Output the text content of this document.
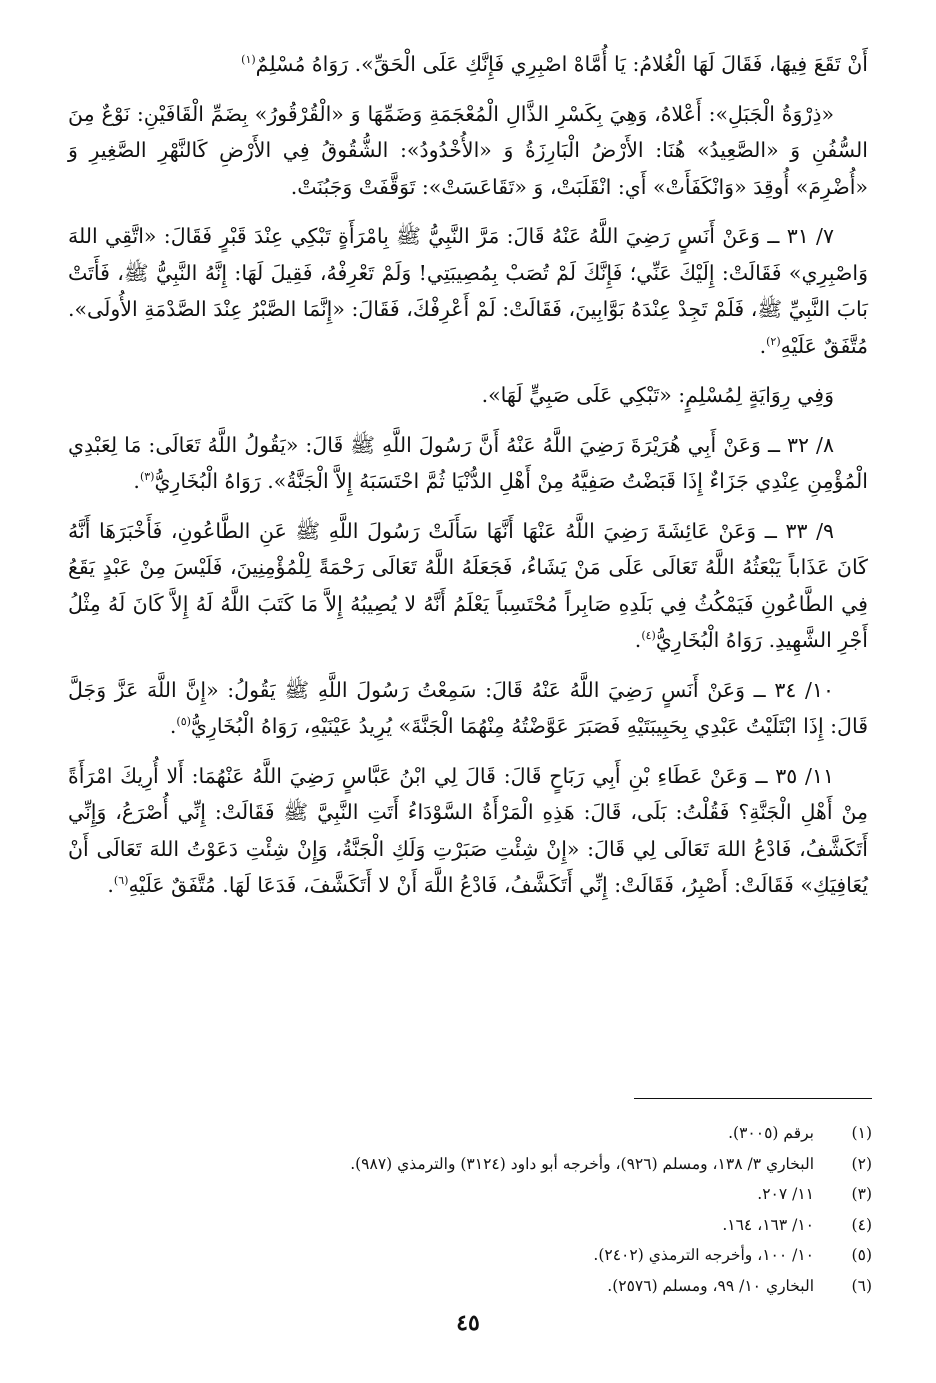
أَنْ تَقَعَ فِيهَا، فَقَالَ لَهَا الْغُلامُ: يَا أُمَّاهْ اصْبِرِي فَإِنَّكِ عَلَى الْحَقِّ». رَوَاهُ مُسْلِمٌ$^{(١)}$

«ذِرْوَةُ الْجَبَلِ»: أَعْلاهُ، وَهِيَ بِكَسْرِ الذَّالِ الْمُعْجَمَةِ وَضَمِّهَا وَ «الْقُرْقُورُ» بِضَمِّ الْقَافَيْنِ: نَوْعٌ مِنَ السُّفُنِ وَ «الصَّعِيدُ» هُنَا: الأَرْضُ الْبَارِزَةُ وَ «الأُخْدُودُ»: الشُّقُوقُ فِي الأَرْضِ كَالنَّهْرِ الصَّغِيرِ وَ «أُضْرِمَ» أُوقِدَ «وَانْكَفَأَتْ» أَي: انْقَلَبَتْ، وَ «تَقَاعَسَتْ»: تَوَقَّفَتْ وَجَبُنَتْ.

٧/ ٣١ ــ وَعَنْ أَنَسٍ رَضِيَ اللَّهُ عَنْهُ قَالَ: مَرَّ النَّبِيُّ ﷺ بِامْرَأَةٍ تَبْكِي عِنْدَ قَبْرٍ فَقَالَ: «اتَّقِي اللهَ وَاصْبِرِي» فَقَالَتْ: إِلَيْكَ عَنِّي؛ فَإِنَّكَ لَمْ تُصَبْ بِمُصِيبَتِي! وَلَمْ تَعْرِفْهُ، فَقِيلَ لَهَا: إِنَّهُ النَّبِيُّ ﷺ، فَأَتَتْ بَابَ النَّبِيِّ ﷺ، فَلَمْ تَجِدْ عِنْدَهُ بَوَّابِينَ، فَقَالَتْ: لَمْ أَعْرِفْكَ، فَقَالَ: «إِنَّمَا الصَّبْرُ عِنْدَ الصَّدْمَةِ الأُولَى». مُتَّفَقٌ عَلَيْهِ$^{(٢)}$.

وَفِي رِوَايَةٍ لِمُسْلِمٍ: «تَبْكِي عَلَى صَبِيٍّ لَهَا».

٨/ ٣٢ ــ وَعَنْ أَبِي هُرَيْرَةَ رَضِيَ اللَّهُ عَنْهُ أَنَّ رَسُولَ اللَّهِ ﷺ قَالَ: «يَقُولُ اللَّهُ تَعَالَى: مَا لِعَبْدِي الْمُؤْمِنِ عِنْدِي جَزَاءٌ إِذَا قَبَضْتُ صَفِيَّهُ مِنْ أَهْلِ الدُّنْيَا ثُمَّ احْتَسَبَهُ إِلاَّ الْجَنَّةُ». رَوَاهُ الْبُخَارِيُّ$^{(٣)}$.

٩/ ٣٣ ــ وَعَنْ عَائِشَةَ رَضِيَ اللَّهُ عَنْهَا أَنَّهَا سَأَلَتْ رَسُولَ اللَّهِ ﷺ عَنِ الطَّاعُونِ، فَأَخْبَرَهَا أَنَّهُ كَانَ عَذَاباً يَبْعَثُهُ اللَّهُ تَعَالَى عَلَى مَنْ يَشَاءُ، فَجَعَلَهُ اللَّهُ تَعَالَى رَحْمَةً لِلْمُؤْمِنِينَ، فَلَيْسَ مِنْ عَبْدٍ يَقَعُ فِي الطَّاعُونِ فَيَمْكُثُ فِي بَلَدِهِ صَابِراً مُحْتَسِباً يَعْلَمُ أَنَّهُ لا يُصِيبُهُ إِلاَّ مَا كَتَبَ اللَّهُ لَهُ إِلاَّ كَانَ لَهُ مِثْلُ أَجْرِ الشَّهِيدِ. رَوَاهُ الْبُخَارِيُّ$^{(٤)}$.

١٠/ ٣٤ ــ وَعَنْ أَنَسٍ رَضِيَ اللَّهُ عَنْهُ قَالَ: سَمِعْتُ رَسُولَ اللَّهِ ﷺ يَقُولُ: «إِنَّ اللَّهَ عَزَّ وَجَلَّ قَالَ: إِذَا ابْتَلَيْتُ عَبْدِي بِحَبِيبَتَيْهِ فَصَبَرَ عَوَّضْتُهُ مِنْهُمَا الْجَنَّةَ» يُرِيدُ عَيْنَيْهِ، رَوَاهُ الْبُخَارِيُّ$^{(٥)}$.

١١/ ٣٥ ــ وَعَنْ عَطَاءِ بْنِ أَبِي رَبَاحٍ قَالَ: قَالَ لِي ابْنُ عَبَّاسٍ رَضِيَ اللَّهُ عَنْهُمَا: أَلا أُرِيكَ امْرَأَةً مِنْ أَهْلِ الْجَنَّةِ؟ فَقُلْتُ: بَلَى، قَالَ: هَذِهِ الْمَرْأَةُ السَّوْدَاءُ أَتَتِ النَّبِيَّ ﷺ فَقَالَتْ: إِنِّي أُصْرَعُ، وَإِنِّي أَتَكَشَّفُ، فَادْعُ اللهَ تَعَالَى لِي قَالَ: «إِنْ شِئْتِ صَبَرْتِ وَلَكِ الْجَنَّةُ، وَإِنْ شِئْتِ دَعَوْتُ اللهَ تَعَالَى أَنْ يُعَافِيَكِ» فَقَالَتْ: أَصْبِرُ، فَقَالَتْ: إِنِّي أَتَكَشَّفُ، فَادْعُ اللَّهَ أَنْ لا أَتَكَشَّفَ، فَدَعَا لَهَا. مُتَّفَقٌ عَلَيْهِ$^{(٦)}$.

(١)برقم (٣٠٠٥).
(٢)البخاري ٣/ ١٣٨، ومسلم (٩٢٦)، وأخرجه أبو داود (٣١٢٤) والترمذي (٩٨٧).
(٣)١١/ ٢٠٧.
(٤)١٠/ ١٦٣، ١٦٤.
(٥)١٠/ ١٠٠، وأخرجه الترمذي (٢٤٠٢).
(٦)البخاري ١٠/ ٩٩، ومسلم (٢٥٧٦).
٤٥
